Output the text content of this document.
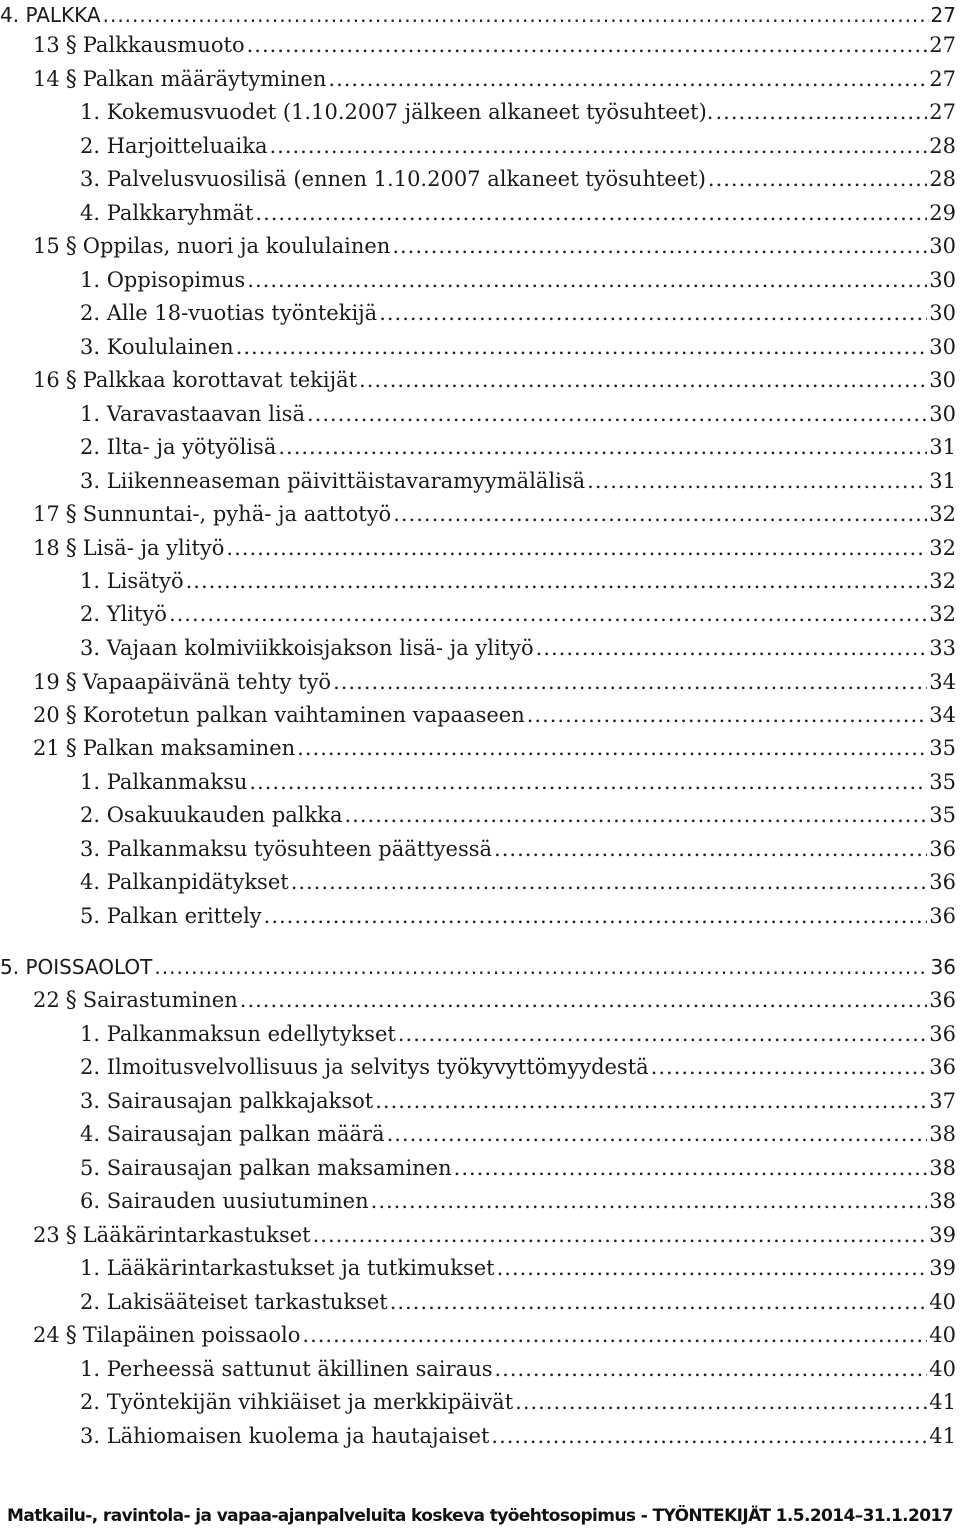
4. PALKKA .....	27
13 § Palkkausmuoto .....	27
14 § Palkan määräytyminen .....	27
1. Kokemusvuodet (1.10.2007 jälkeen alkaneet työsuhteet). .....	27
2. Harjoitteluaika .....	28
3. Palvelusvuosilisä (ennen 1.10.2007 alkaneet työsuhteet) .....	28
4. Palkkaryhmät .....	29
15 § Oppilas, nuori ja koululainen .....	30
1. Oppisopimus .....	30
2. Alle 18-vuotias työntekijä .....	30
3. Koululainen .....	30
16 § Palkkaa korottavat tekijät .....	30
1. Varavastaavan lisä .....	30
2. Ilta- ja yötyölisä .....	31
3. Liikenneaseman päivittäistavaramyymälälisä .....	31
17 § Sunnuntai-, pyhä- ja aattotyö .....	32
18 § Lisä- ja ylityö .....	32
1. Lisätyö .....	32
2. Ylityö .....	32
3. Vajaan kolmiviikkoisjakson lisä- ja ylityö .....	33
19 § Vapaapäivänä tehty työ .....	34
20 § Korotetun palkan vaihtaminen vapaaseen .....	34
21 § Palkan maksaminen .....	35
1. Palkanmaksu .....	35
2. Osakuukauden palkka .....	35
3. Palkanmaksu työsuhteen päättyessä .....	36
4. Palkanpidätykset .....	36
5. Palkan erittely .....	36
5. POISSAOLOT .....	36
22 § Sairastuminen .....	36
1. Palkanmaksun edellytykset .....	36
2. Ilmoitusvelvollisuus ja selvitys työkyvyttömyydestä .....	36
3. Sairausajan palkkajaksot .....	37
4. Sairausajan palkan määrä .....	38
5. Sairausajan palkan maksaminen .....	38
6. Sairauden uusiutuminen .....	38
23 § Lääkärintarkastukset .....	39
1. Lääkärintarkastukset ja tutkimukset .....	39
2. Lakisääteiset tarkastukset .....	40
24 § Tilapäinen poissaolo .....	40
1. Perheessä sattunut äkillinen sairaus .....	40
2. Työntekijän vihkiäiset ja merkkipäivät .....	41
3. Lähiomaisen kuolema ja hautajaiset .....	41
Matkailu-, ravintola- ja vapaa-ajanpalveluita koskeva työehtosopimus - TYÖNTEKIJÄT 1.5.2014–31.1.2017
